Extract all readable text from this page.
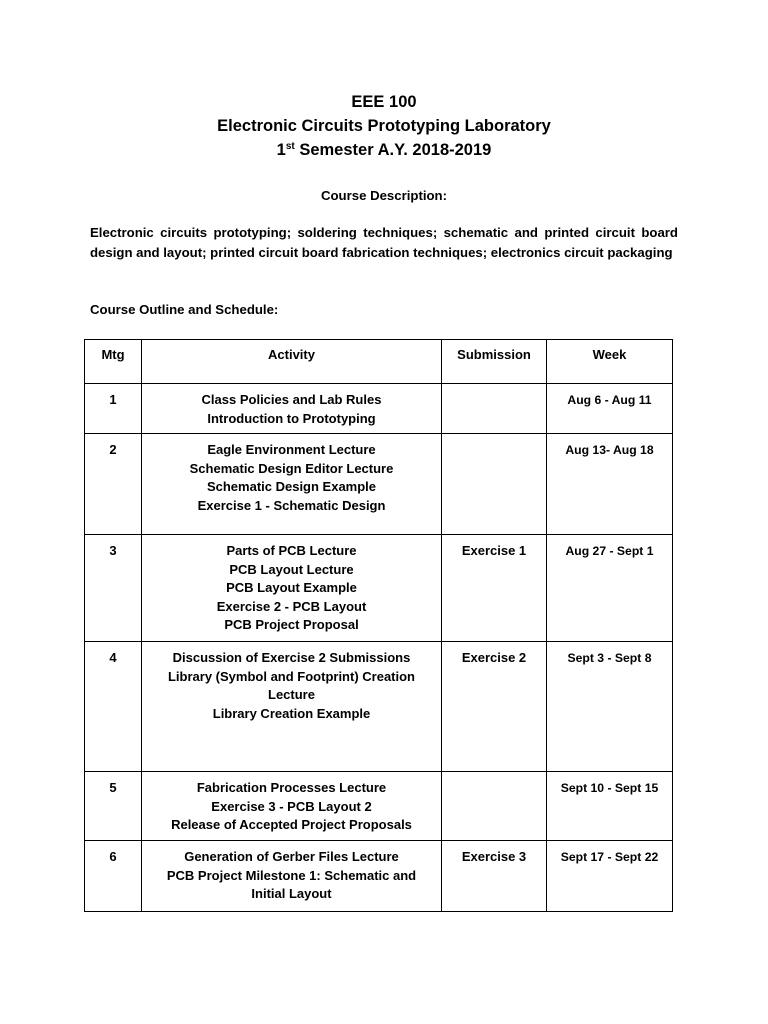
EEE 100
Electronic Circuits Prototyping Laboratory
1st Semester A.Y. 2018-2019
Course Description:
Electronic circuits prototyping; soldering techniques; schematic and printed circuit board design and layout; printed circuit board fabrication techniques; electronics circuit packaging
Course Outline and Schedule:
Mtg	Activity	Submission	Week
1	Class Policies and Lab Rules
Introduction to Prototyping		Aug 6 - Aug 11
2	Eagle Environment Lecture
Schematic Design Editor Lecture
Schematic Design Example
Exercise 1 - Schematic Design		Aug 13- Aug 18
3	Parts of PCB Lecture
PCB Layout Lecture
PCB Layout Example
Exercise 2 - PCB Layout
PCB Project Proposal	Exercise 1	Aug 27 - Sept 1
4	Discussion of Exercise 2 Submissions
Library (Symbol and Footprint) Creation
Lecture
Library Creation Example	Exercise 2	Sept 3 - Sept 8
5	Fabrication Processes Lecture
Exercise 3 - PCB Layout 2
Release of Accepted Project Proposals		Sept 10 - Sept 15
6	Generation of Gerber Files Lecture
PCB Project Milestone 1: Schematic and
Initial Layout	Exercise 3	Sept 17 - Sept 22
